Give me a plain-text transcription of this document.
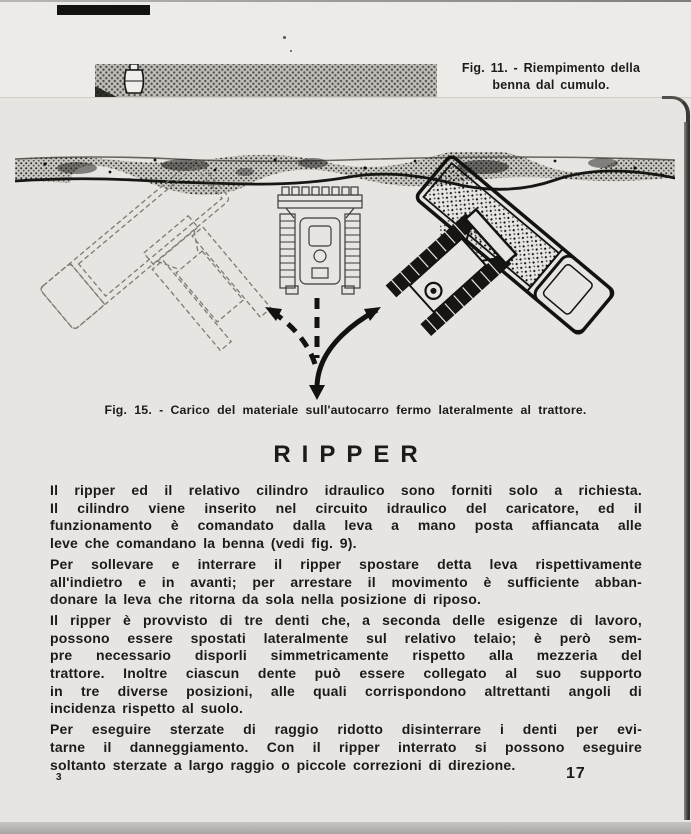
Fig. 11. - Riempimento della
benna dal cumulo.
Fig. 15. - Carico del materiale sull'autocarro fermo lateralmente al trattore.
RIPPER

Il ripper ed il relativo cilindro idraulico sono forniti solo a richiesta.
Il cilindro viene inserito nel circuito idraulico del caricatore, ed il
funzionamento è comandato dalla leva a mano posta affiancata alle
leve che comandano la benna (vedi fig. 9).

Per sollevare e interrare il ripper spostare detta leva rispettivamente
all'indietro e in avanti; per arrestare il movimento è sufficiente abban-
donare la leva che ritorna da sola nella posizione di riposo.

Il ripper è provvisto di tre denti che, a seconda delle esigenze di lavoro,
possono essere spostati lateralmente sul relativo telaio; è però sem-
pre necessario disporli simmetricamente rispetto alla mezzeria del
trattore. Inoltre ciascun dente può essere collegato al suo supporto
in tre diverse posizioni, alle quali corrispondono altrettanti angoli di
incidenza rispetto al suolo.

Per eseguire sterzate di raggio ridotto disinterrare i denti per evi-
tarne il danneggiamento. Con il ripper interrato si possono eseguire
soltanto sterzate a largo raggio o piccole correzioni di direzione.

3	17
